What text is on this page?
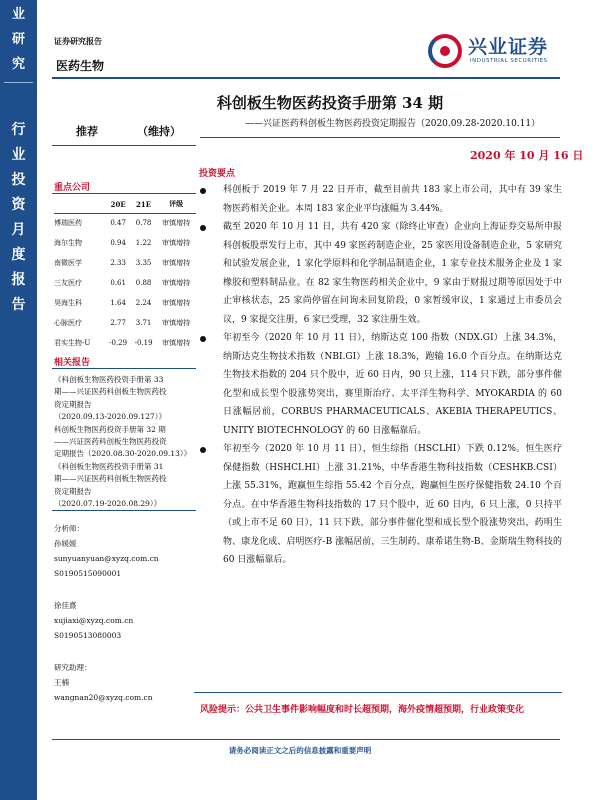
业
研
究
行
业
投
资
月
度
报
告
证券研究报告
医药生物
兴业证券
INDUSTRIAL SECURITIES
科创板生物医药投资手册第 34 期
——兴证医药科创板生物医药投资定期报告（2020.09.28-2020.10.11）
推荐	（维持）
2020 年 10 月 16 日
投资要点
重点公司
	20E	21E	评级
博瑞医药	0.47	0.78	审慎增持
海尔生物	0.94	1.22	审慎增持
南微医学	2.33	3.35	审慎增持
三友医疗	0.61	0.88	审慎增持
昊海生科	1.64	2.24	审慎增持
心脉医疗	2.77	3.71	审慎增持
君实生物-U	-0.29	-0.19	审慎增持
相关报告
《科创板生物医药投资手册第 33
期——兴证医药科创板生物医药投
资定期报告
（2020.09.13-2020.09.127）》
科创板生物医药投资手册第 32 期
——兴证医药科创板生物医药投资
定期报告（2020.08.30-2020.09.13）》
《科创板生物医药投资手册第 31
期——兴证医药科创板生物医药投
资定期报告
（2020.07.19-2020.08.29）》
分析师：
孙媛媛
sunyuanyuan@xyzq.com.cn
S0190515090001
徐佳熹
xujiaxi@xyzq.com.cn
S0190513080003
研究助理：
王楠
wangnan20@xyzq.com.cn
科创板于 2019 年 7 月 22 日开市，截至目前共 183 家上市公司，其中有 39 家生物医药相关企业。本周 183 家企业平均涨幅为 3.44%。
截至 2020 年 10 月 11 日，共有 420 家（除终止审查）企业向上海证券交易所申报科创板股票发行上市，其中 49 家医药制造企业，25 家医用设备制造企业，5 家研究和试验发展企业，1 家化学原料和化学制品制造企业，1 家专业技术服务企业及 1 家橡胶和塑料制品业。在 82 家生物医药相关企业中，9 家由于财报过期等原因处于中止审核状态，25 家尚停留在问询未回复阶段，0 家暂缓审议，1 家通过上市委员会议，9 家提交注册，6 家已受理，32 家注册生效。
年初至今（2020 年 10 月 11 日），纳斯达克 100 指数（NDX.GI）上涨 34.3%，纳斯达克生物技术指数（NBI.GI）上涨 18.3%，跑输 16.0 个百分点。在纳斯达克生物技术指数的 204 只个股中，近 60 日内，90 只上涨，114 只下跌，部分事件催化型和成长型个股涨势突出，赛里斯治疗、太平洋生物科学、MYOKARDIA 的 60 日涨幅居前，CORBUS PHARMACEUTICALS、AKEBIA THERAPEUTICS、UNITY BIOTECHNOLOGY 的 60 日涨幅靠后。
年初至今（2020 年 10 月 11 日），恒生综指（HSCLHI）下跌 0.12%。恒生医疗保健指数（HSHCI.HI）上涨 31.21%，中华香港生物科技指数（CESHKB.CSI）上涨 55.31%，跑赢恒生综指 55.42 个百分点，跑赢恒生医疗保健指数 24.10 个百分点。在中华香港生物科技指数的 17 只个股中，近 60 日内，6 只上涨，0 只持平（或上市不足 60 日），11 只下跌，部分事件催化型和成长型个股涨势突出，药明生物、康龙化成、启明医疗-B 涨幅居前，三生制药、康希诺生物-B、金斯瑞生物科技的 60 日涨幅靠后。
风险提示：公共卫生事件影响幅度和时长超预期，海外疫情超预期，行业政策变化
请务必阅读正文之后的信息披露和重要声明
